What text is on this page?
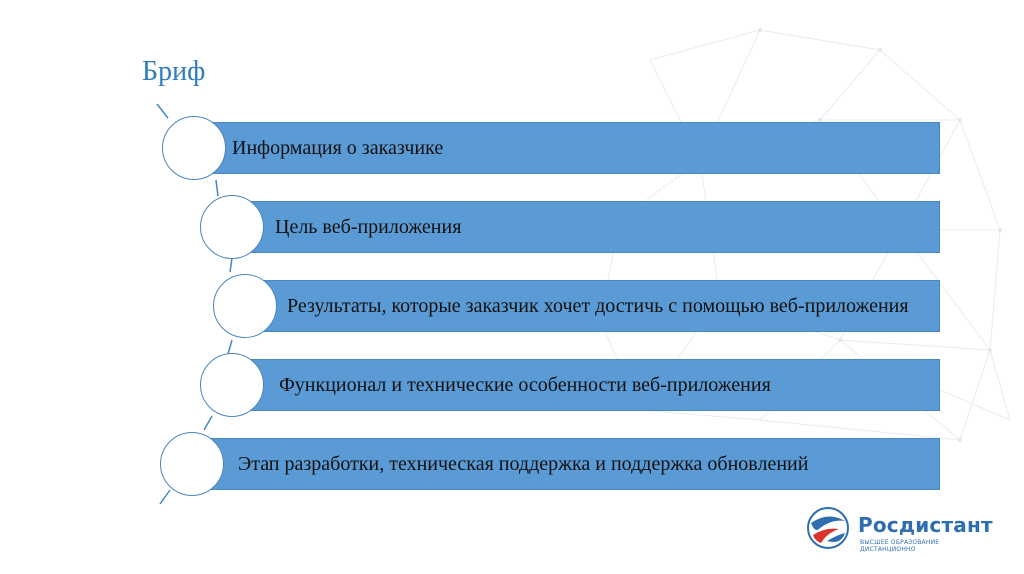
Бриф
Информация о заказчике
Цель веб-приложения
Результаты, которые заказчик хочет достичь с помощью веб-приложения
Функционал и технические особенности веб-приложения
Этап разработки, техническая поддержка и поддержка обновлений
Росдистант
ВЫСШЕЕ ОБРАЗОВАНИЕ ДИСТАНЦИОННО
